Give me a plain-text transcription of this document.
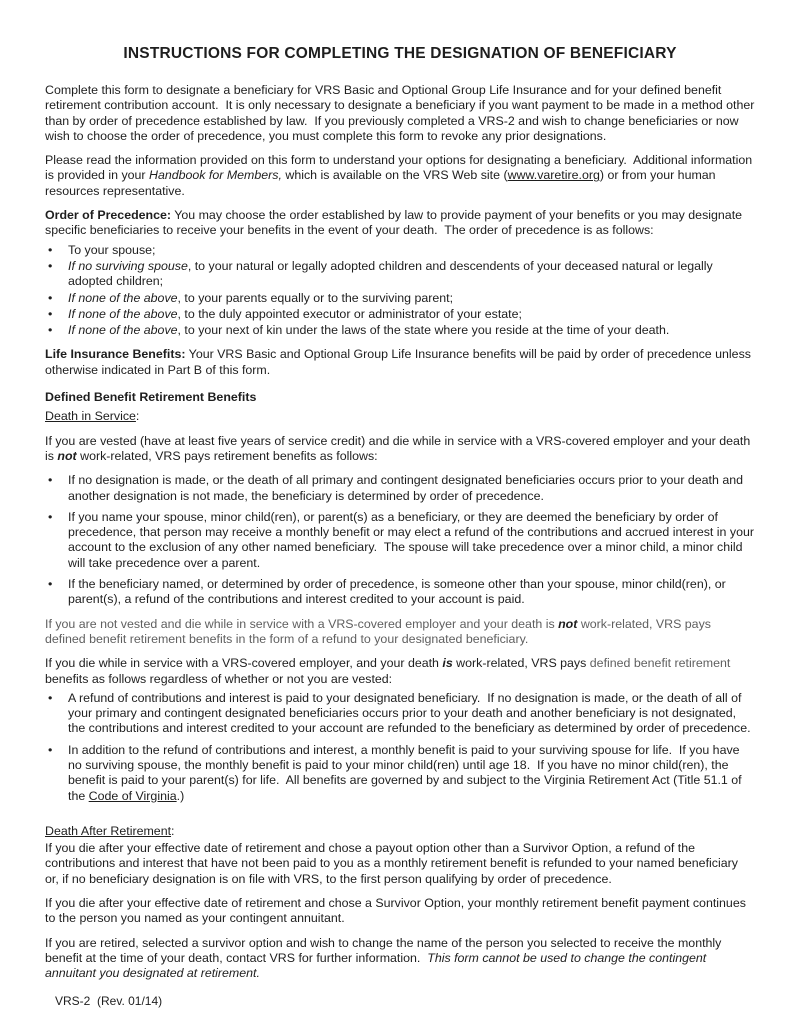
INSTRUCTIONS FOR COMPLETING THE DESIGNATION OF BENEFICIARY

Complete this form to designate a beneficiary for VRS Basic and Optional Group Life Insurance and for your defined benefit retirement contribution account.  It is only necessary to designate a beneficiary if you want payment to be made in a method other than by order of precedence established by law.  If you previously completed a VRS-2 and wish to change beneficiaries or now wish to choose the order of precedence, you must complete this form to revoke any prior designations.

Please read the information provided on this form to understand your options for designating a beneficiary.  Additional information is provided in your Handbook for Members, which is available on the VRS Web site (www.varetire.org) or from your human resources representative.

Order of Precedence: You may choose the order established by law to provide payment of your benefits or you may designate specific beneficiaries to receive your benefits in the event of your death.  The order of precedence is as follows:

• To your spouse;
• If no surviving spouse, to your natural or legally adopted children and descendents of your deceased natural or legally adopted children;
• If none of the above, to your parents equally or to the surviving parent;
• If none of the above, to the duly appointed executor or administrator of your estate;
• If none of the above, to your next of kin under the laws of the state where you reside at the time of your death.

Life Insurance Benefits: Your VRS Basic and Optional Group Life Insurance benefits will be paid by order of precedence unless otherwise indicated in Part B of this form.

Defined Benefit Retirement Benefits
Death in Service:

If you are vested (have at least five years of service credit) and die while in service with a VRS-covered employer and your death is not work-related, VRS pays retirement benefits as follows:

• If no designation is made, or the death of all primary and contingent designated beneficiaries occurs prior to your death and another designation is not made, the beneficiary is determined by order of precedence.
• If you name your spouse, minor child(ren), or parent(s) as a beneficiary, or they are deemed the beneficiary by order of precedence, that person may receive a monthly benefit or may elect a refund of the contributions and accrued interest in your account to the exclusion of any other named beneficiary.  The spouse will take precedence over a minor child, a minor child will take precedence over a parent.
• If the beneficiary named, or determined by order of precedence, is someone other than your spouse, minor child(ren), or parent(s), a refund of the contributions and interest credited to your account is paid.

If you are not vested and die while in service with a VRS-covered employer and your death is not work-related, VRS pays defined benefit retirement benefits in the form of a refund to your designated beneficiary.

If you die while in service with a VRS-covered employer, and your death is work-related, VRS pays defined benefit retirement benefits as follows regardless of whether or not you are vested:

• A refund of contributions and interest is paid to your designated beneficiary.  If no designation is made, or the death of all of your primary and contingent designated beneficiaries occurs prior to your death and another beneficiary is not designated, the contributions and interest credited to your account are refunded to the beneficiary as determined by order of precedence.
• In addition to the refund of contributions and interest, a monthly benefit is paid to your surviving spouse for life.  If you have no surviving spouse, the monthly benefit is paid to your minor child(ren) until age 18.  If you have no minor child(ren), the benefit is paid to your parent(s) for life.  All benefits are governed by and subject to the Virginia Retirement Act (Title 51.1 of the Code of Virginia.)
Death After Retirement:

If you die after your effective date of retirement and chose a payout option other than a Survivor Option, a refund of the contributions and interest that have not been paid to you as a monthly retirement benefit is refunded to your named beneficiary or, if no beneficiary designation is on file with VRS, to the first person qualifying by order of precedence.

If you die after your effective date of retirement and chose a Survivor Option, your monthly retirement benefit payment continues to the person you named as your contingent annuitant.

If you are retired, selected a survivor option and wish to change the name of the person you selected to receive the monthly benefit at the time of your death, contact VRS for further information.  This form cannot be used to change the contingent annuitant you designated at retirement.

VRS-2  (Rev. 01/14)
